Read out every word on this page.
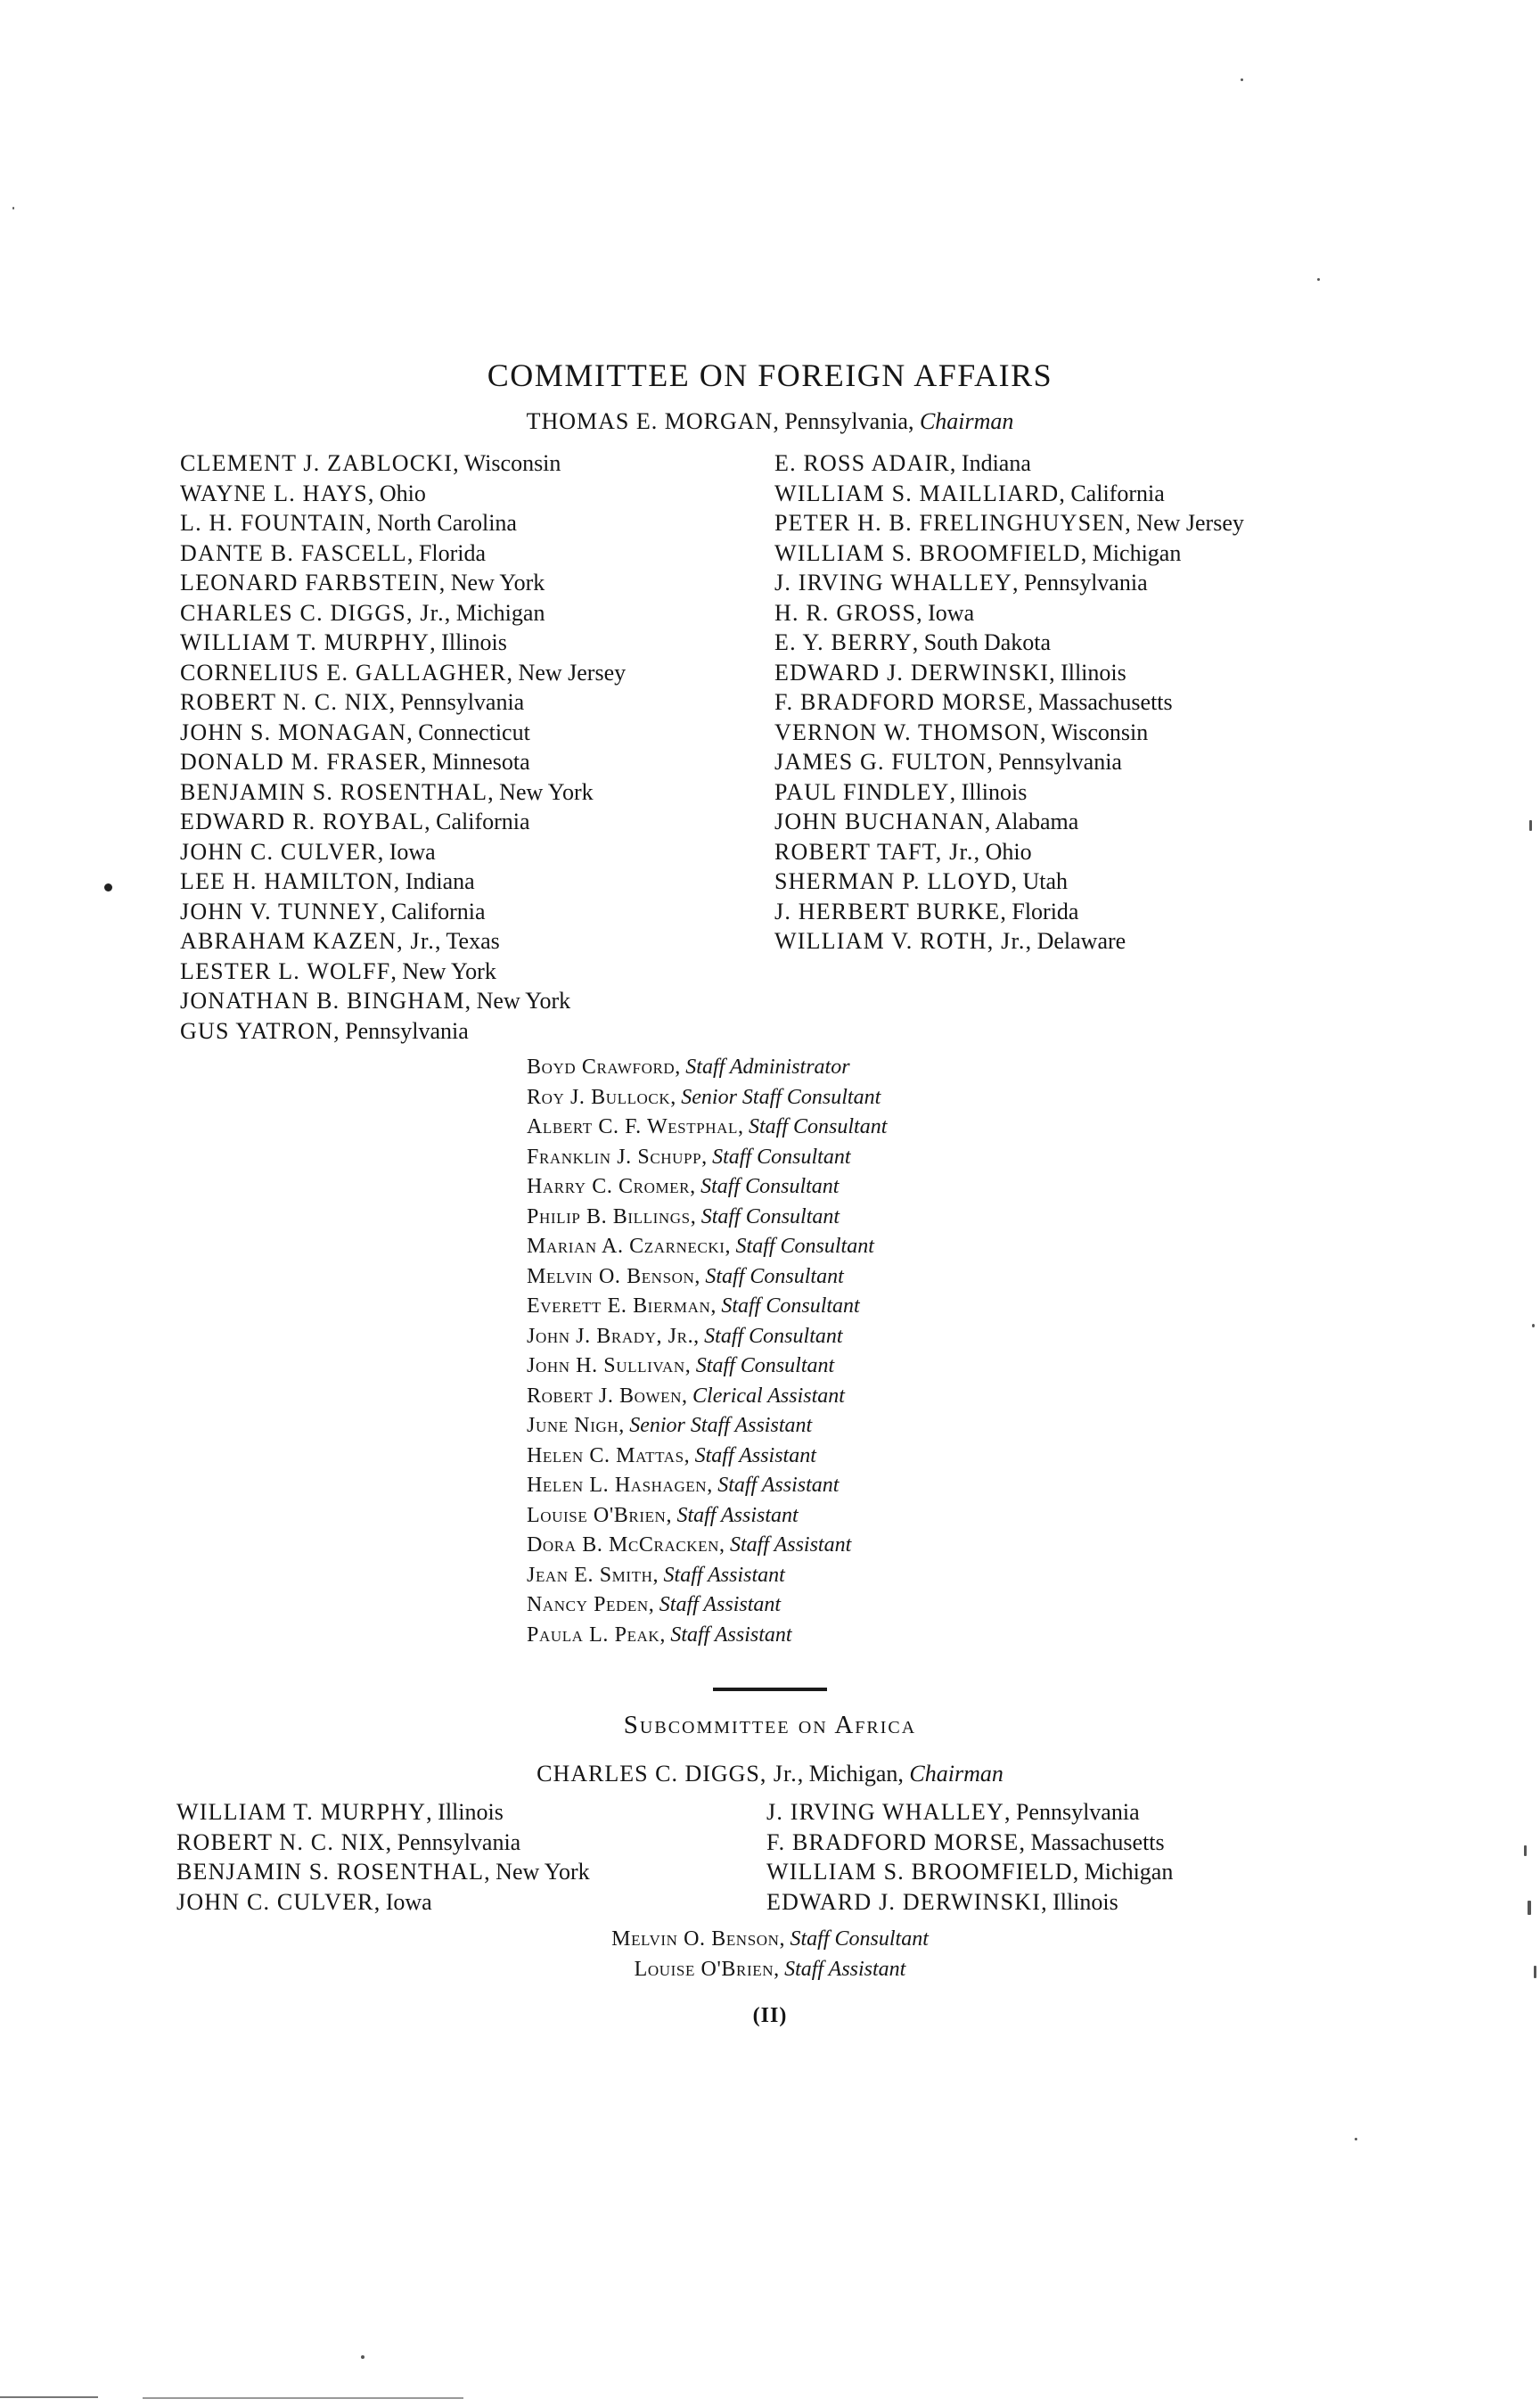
COMMITTEE ON FOREIGN AFFAIRS
THOMAS E. MORGAN, Pennsylvania, Chairman
CLEMENT J. ZABLOCKI, Wisconsin
WAYNE L. HAYS, Ohio
L. H. FOUNTAIN, North Carolina
DANTE B. FASCELL, Florida
LEONARD FARBSTEIN, New York
CHARLES C. DIGGS, Jr., Michigan
WILLIAM T. MURPHY, Illinois
CORNELIUS E. GALLAGHER, New Jersey
ROBERT N. C. NIX, Pennsylvania
JOHN S. MONAGAN, Connecticut
DONALD M. FRASER, Minnesota
BENJAMIN S. ROSENTHAL, New York
EDWARD R. ROYBAL, California
JOHN C. CULVER, Iowa
LEE H. HAMILTON, Indiana
JOHN V. TUNNEY, California
ABRAHAM KAZEN, Jr., Texas
LESTER L. WOLFF, New York
JONATHAN B. BINGHAM, New York
GUS YATRON, Pennsylvania
E. ROSS ADAIR, Indiana
WILLIAM S. MAILLIARD, California
PETER H. B. FRELINGHUYSEN, New Jersey
WILLIAM S. BROOMFIELD, Michigan
J. IRVING WHALLEY, Pennsylvania
H. R. GROSS, Iowa
E. Y. BERRY, South Dakota
EDWARD J. DERWINSKI, Illinois
F. BRADFORD MORSE, Massachusetts
VERNON W. THOMSON, Wisconsin
JAMES G. FULTON, Pennsylvania
PAUL FINDLEY, Illinois
JOHN BUCHANAN, Alabama
ROBERT TAFT, Jr., Ohio
SHERMAN P. LLOYD, Utah
J. HERBERT BURKE, Florida
WILLIAM V. ROTH, Jr., Delaware
Boyd Crawford, Staff Administrator
Roy J. Bullock, Senior Staff Consultant
Albert C. F. Westphal, Staff Consultant
Franklin J. Schupp, Staff Consultant
Harry C. Cromer, Staff Consultant
Philip B. Billings, Staff Consultant
Marian A. Czarnecki, Staff Consultant
Melvin O. Benson, Staff Consultant
Everett E. Bierman, Staff Consultant
John J. Brady, Jr., Staff Consultant
John H. Sullivan, Staff Consultant
Robert J. Bowen, Clerical Assistant
June Nigh, Senior Staff Assistant
Helen C. Mattas, Staff Assistant
Helen L. Hashagen, Staff Assistant
Louise O'Brien, Staff Assistant
Dora B. McCracken, Staff Assistant
Jean E. Smith, Staff Assistant
Nancy Peden, Staff Assistant
Paula L. Peak, Staff Assistant
Subcommittee on Africa
CHARLES C. DIGGS, Jr., Michigan, Chairman
WILLIAM T. MURPHY, Illinois
ROBERT N. C. NIX, Pennsylvania
BENJAMIN S. ROSENTHAL, New York
JOHN C. CULVER, Iowa
J. IRVING WHALLEY, Pennsylvania
F. BRADFORD MORSE, Massachusetts
WILLIAM S. BROOMFIELD, Michigan
EDWARD J. DERWINSKI, Illinois
Melvin O. Benson, Staff Consultant
Louise O'Brien, Staff Assistant
(II)
